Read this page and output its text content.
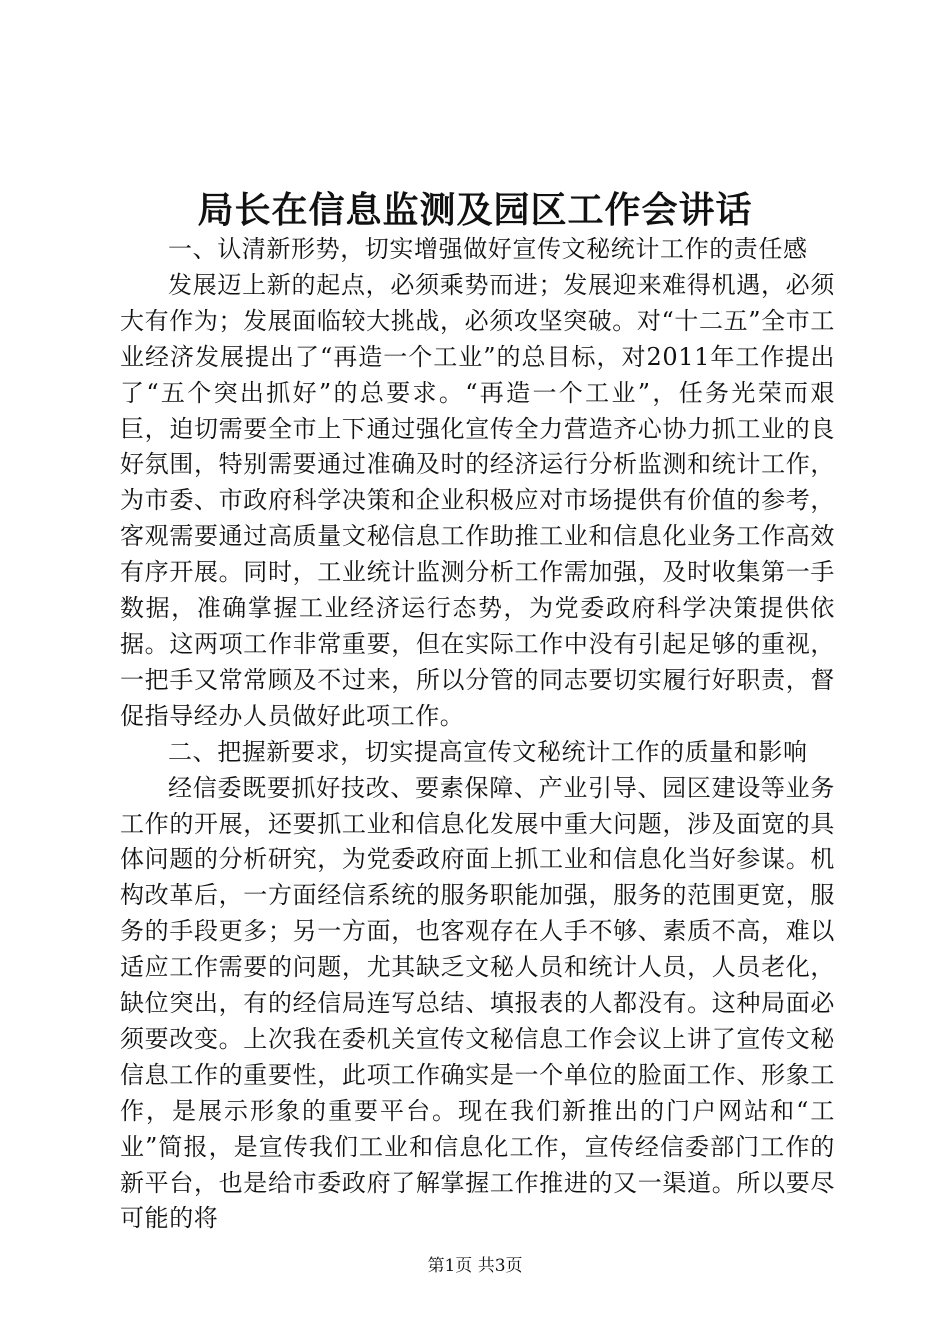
局长在信息监测及园区工作会讲话

一、认清新形势，切实增强做好宣传文秘统计工作的责任感

发展迈上新的起点，必须乘势而进；发展迎来难得机遇，必须大有作为；发展面临较大挑战，必须攻坚突破。对“十二五”全市工业经济发展提出了“再造一个工业”的总目标，对2011年工作提出了“五个突出抓好”的总要求。“再造一个工业”，任务光荣而艰巨，迫切需要全市上下通过强化宣传全力营造齐心协力抓工业的良好氛围，特别需要通过准确及时的经济运行分析监测和统计工作，为市委、市政府科学决策和企业积极应对市场提供有价值的参考，客观需要通过高质量文秘信息工作助推工业和信息化业务工作高效有序开展。同时，工业统计监测分析工作需加强，及时收集第一手数据，准确掌握工业经济运行态势，为党委政府科学决策提供依据。这两项工作非常重要，但在实际工作中没有引起足够的重视，一把手又常常顾及不过来，所以分管的同志要切实履行好职责，督促指导经办人员做好此项工作。

二、把握新要求，切实提高宣传文秘统计工作的质量和影响

经信委既要抓好技改、要素保障、产业引导、园区建设等业务工作的开展，还要抓工业和信息化发展中重大问题，涉及面宽的具体问题的分析研究，为党委政府面上抓工业和信息化当好参谋。机构改革后，一方面经信系统的服务职能加强，服务的范围更宽，服务的手段更多；另一方面，也客观存在人手不够、素质不高，难以适应工作需要的问题，尤其缺乏文秘人员和统计人员，人员老化，缺位突出，有的经信局连写总结、填报表的人都没有。这种局面必须要改变。上次我在委机关宣传文秘信息工作会议上讲了宣传文秘信息工作的重要性，此项工作确实是一个单位的脸面工作、形象工作，是展示形象的重要平台。现在我们新推出的门户网站和“工业”简报，是宣传我们工业和信息化工作，宣传经信委部门工作的新平台，也是给市委政府了解掌握工作推进的又一渠道。所以要尽可能的将

第1页 共3页
